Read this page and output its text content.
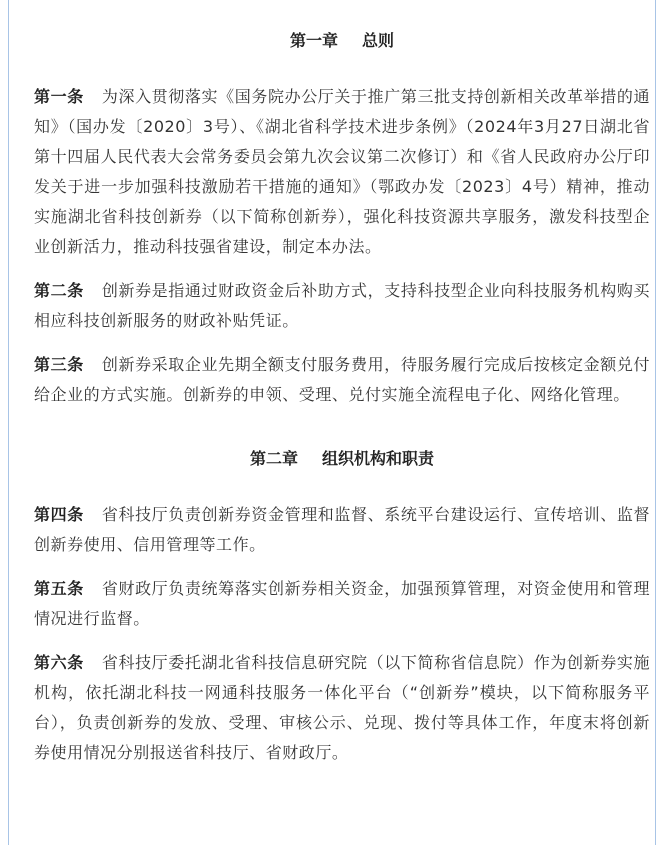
第一章 总则

第一条 为深入贯彻落实《国务院办公厅关于推广第三批支持创新相关改革举措的通知》（国办发〔2020〕3号）、《湖北省科学技术进步条例》（2024年3月27日湖北省第十四届人民代表大会常务委员会第九次会议第二次修订）和《省人民政府办公厅印发关于进一步加强科技激励若干措施的通知》（鄂政办发〔2023〕4号）精神，推动实施湖北省科技创新券（以下简称创新券），强化科技资源共享服务，激发科技型企业创新活力，推动科技强省建设，制定本办法。

第二条 创新券是指通过财政资金后补助方式，支持科技型企业向科技服务机构购买相应科技创新服务的财政补贴凭证。

第三条 创新券采取企业先期全额支付服务费用，待服务履行完成后按核定金额兑付给企业的方式实施。创新券的申领、受理、兑付实施全流程电子化、网络化管理。

第二章 组织机构和职责

第四条 省科技厅负责创新券资金管理和监督、系统平台建设运行、宣传培训、监督创新券使用、信用管理等工作。

第五条 省财政厅负责统筹落实创新券相关资金，加强预算管理，对资金使用和管理情况进行监督。

第六条 省科技厅委托湖北省科技信息研究院（以下简称省信息院）作为创新券实施机构，依托湖北科技一网通科技服务一体化平台（“创新券”模块，以下简称服务平台），负责创新券的发放、受理、审核公示、兑现、拨付等具体工作，年度末将创新券使用情况分别报送省科技厅、省财政厅。
